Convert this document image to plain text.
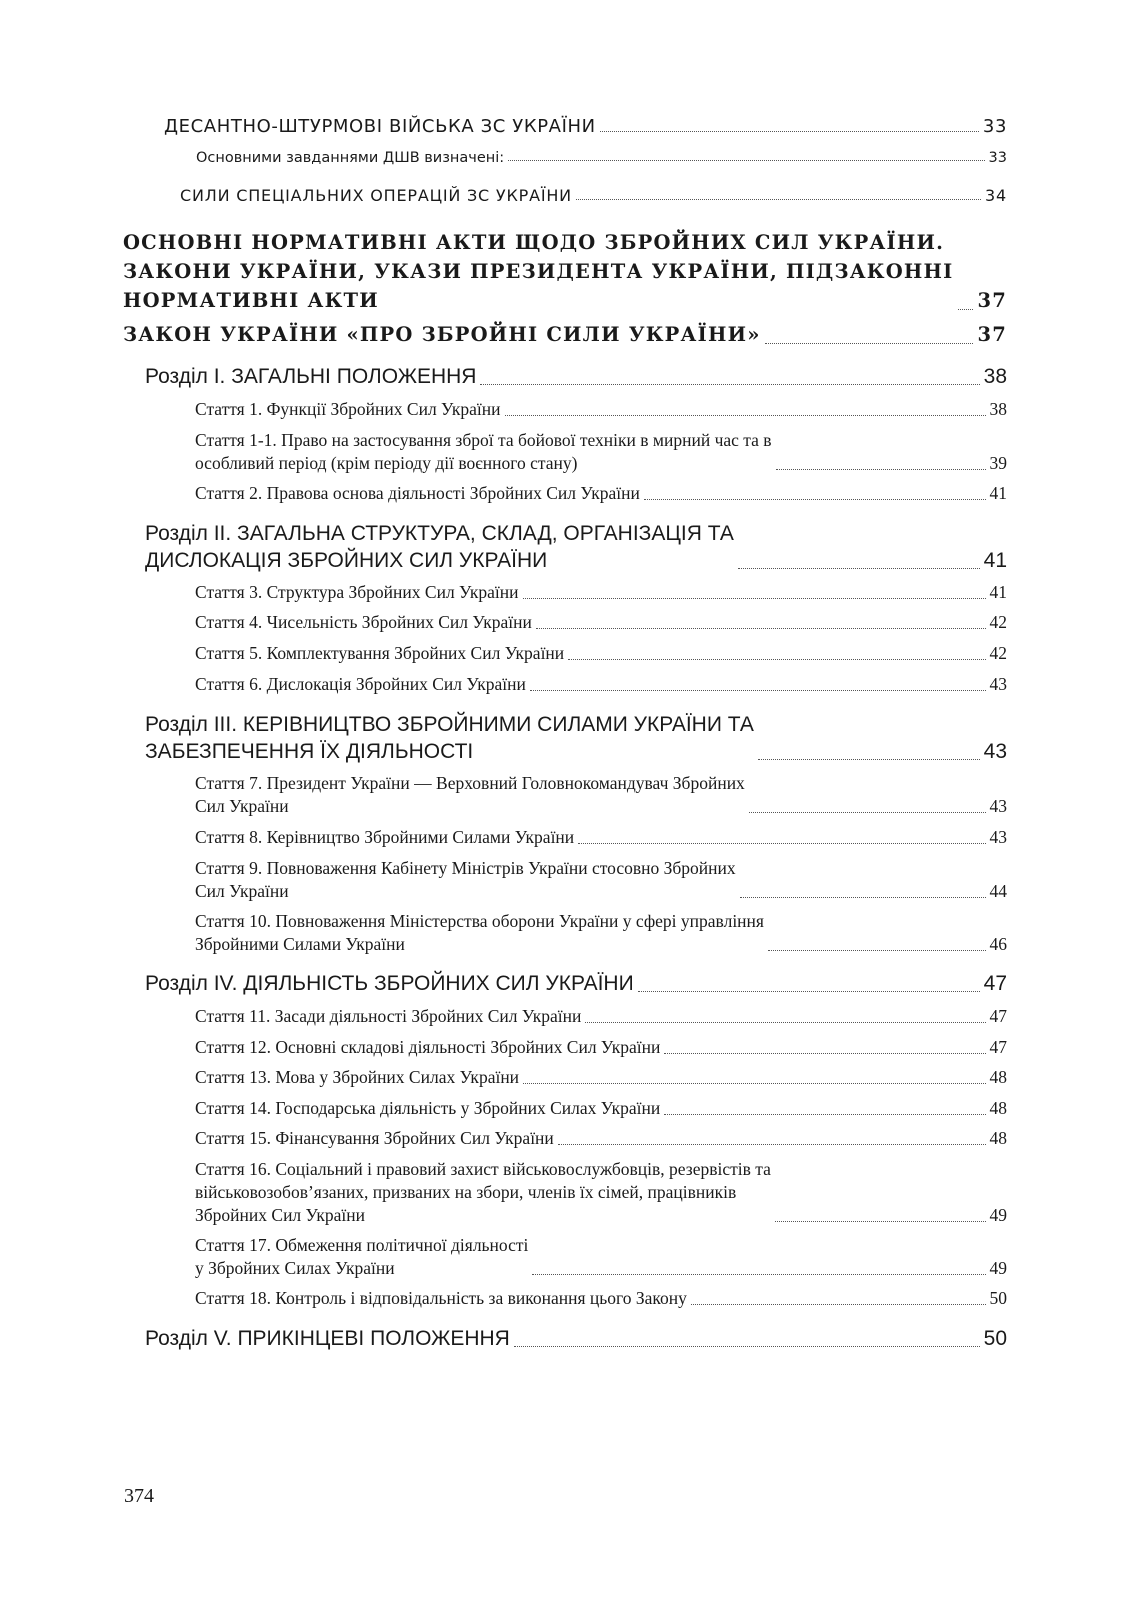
ДЕСАНТНО-ШТУРМОВІ ВІЙСЬКА ЗС УКРАЇНИ	33
Основними завданнями ДШВ визначені:	33
СИЛИ СПЕЦІАЛЬНИХ ОПЕРАЦІЙ ЗС УКРАЇНИ	34
ОСНОВНІ НОРМАТИВНІ АКТИ ЩОДО ЗБРОЙНИХ СИЛ УКРАЇНИ.
ЗАКОНИ УКРАЇНИ, УКАЗИ ПРЕЗИДЕНТА УКРАЇНИ, ПІДЗАКОННІ
НОРМАТИВНІ АКТИ	37
ЗАКОН УКРАЇНИ «ПРО ЗБРОЙНІ СИЛИ УКРАЇНИ»	37
Розділ I. ЗАГАЛЬНІ ПОЛОЖЕННЯ	38
Стаття 1. Функції Збройних Сил України	38
Стаття 1-1. Право на застосування зброї та бойової техніки в мирний час та в
особливий період (крім періоду дії воєнного стану)	39
Стаття 2. Правова основа діяльності Збройних Сил України	41
Розділ II. ЗАГАЛЬНА СТРУКТУРА, СКЛАД, ОРГАНІЗАЦІЯ ТА
ДИСЛОКАЦІЯ ЗБРОЙНИХ СИЛ УКРАЇНИ	41
Стаття 3. Структура Збройних Сил України	41
Стаття 4. Чисельність Збройних Сил України	42
Стаття 5. Комплектування Збройних Сил України	42
Стаття 6. Дислокація Збройних Сил України	43
Розділ III. КЕРІВНИЦТВО ЗБРОЙНИМИ СИЛАМИ УКРАЇНИ ТА
ЗАБЕЗПЕЧЕННЯ ЇХ ДІЯЛЬНОСТІ	43
Стаття 7. Президент України — Верховний Головнокомандувач Збройних
Сил України	43
Стаття 8. Керівництво Збройними Силами України	43
Стаття 9. Повноваження Кабінету Міністрів України стосовно Збройних
Сил України	44
Стаття 10. Повноваження Міністерства оборони України у сфері управління
Збройними Силами України	46
Розділ IV. ДІЯЛЬНІСТЬ ЗБРОЙНИХ СИЛ УКРАЇНИ	47
Стаття 11. Засади діяльності Збройних Сил України	47
Стаття 12. Основні складові діяльності Збройних Сил України	47
Стаття 13. Мова у Збройних Силах України	48
Стаття 14. Господарська діяльність у Збройних Силах України	48
Стаття 15. Фінансування Збройних Сил України	48
Стаття 16. Соціальний і правовий захист військовослужбовців, резервістів та
військовозобов’язаних, призваних на збори, членів їх сімей, працівників
Збройних Сил України	49
Стаття 17. Обмеження політичної діяльності
у Збройних Силах України	49
Стаття 18. Контроль і відповідальність за виконання цього Закону	50
Розділ V. ПРИКІНЦЕВІ ПОЛОЖЕННЯ	50
374
